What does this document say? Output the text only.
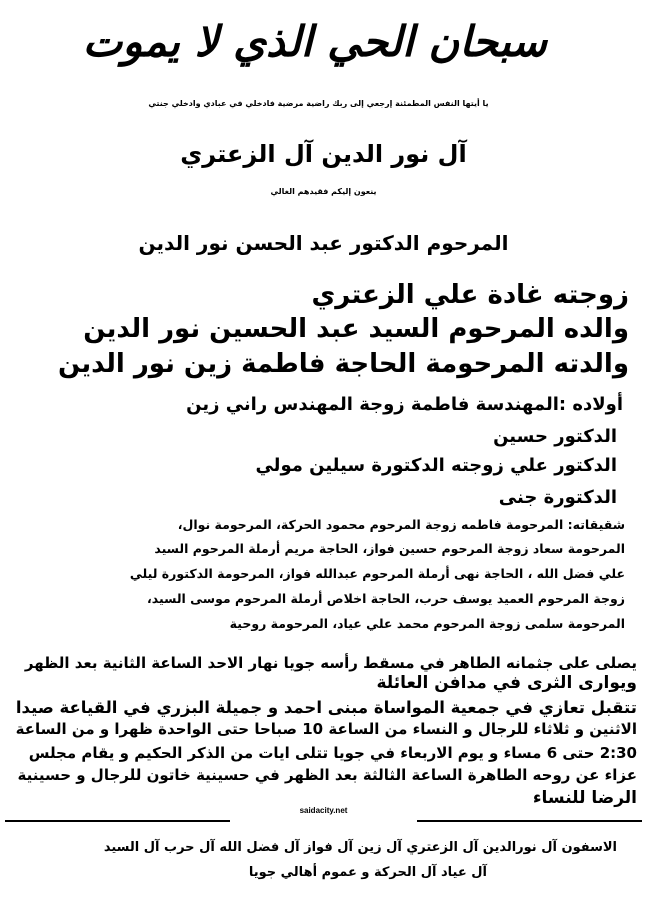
سبحان الحي الذي لا يموت
يا أيتها النفس المطمئنة إرجعي إلى ربك راضية مرضية فادخلي في عبادي وادخلي جنتي
آل نور الدين آل الزعتري
ينعون إليكم فقيدهم الغالي
المرحوم الدكتور عبد الحسن نور الدين
زوجته غادة علي الزعتري
والده المرحوم السيد عبد الحسين نور الدين
والدته المرحومة الحاجة فاطمة زين نور الدين
أولاده :المهندسة فاطمة زوجة المهندس راني زين
الدكتور حسين
الدكتور علي زوجته الدكتورة سيلين مولي
الدكتورة جنى
شقيقاته: المرحومة فاطمه زوجة المرحوم محمود الحركة، المرحومة نوال،
المرحومة سعاد زوجة المرحوم حسين فواز، الحاجة مريم أرملة المرحوم السيد
علي فضل الله ، الحاجة نهى أرملة المرحوم عبدالله فواز، المرحومة الدكتورة ليلي
زوجة المرحوم العميد يوسف حرب، الحاجة اخلاص أرملة المرحوم موسى السيد،
المرحومة سلمى زوجة المرحوم محمد علي عياد، المرحومة روحية
يصلى على جثمانه الطاهر في مسقط رأسه جويا نهار الاحد الساعة الثانية بعد الظهر
ويوارى الثرى في مدافن العائلة
تتقبل تعازي في جمعية المواساة مبنى احمد و جميلة البزري في القياعة صيدا
الاثنين و ثلاثاء للرجال و النساء من الساعة 10 صباحا حتى الواحدة ظهرا و من الساعة
2:30 حتى 6 مساء و يوم الاربعاء في جويا تتلى ايات من الذكر الحكيم و يقام مجلس
عزاء عن روحه الطاهرة الساعة الثالثة بعد الظهر في حسينية خاتون للرجال و حسينية
الرضا للنساء
saidacity.net
الاسفون آل نورالدين آل الزعتري آل زين آل فواز آل فضل الله آل حرب آل السيد
آل عياد آل الحركة و عموم أهالي جويا
